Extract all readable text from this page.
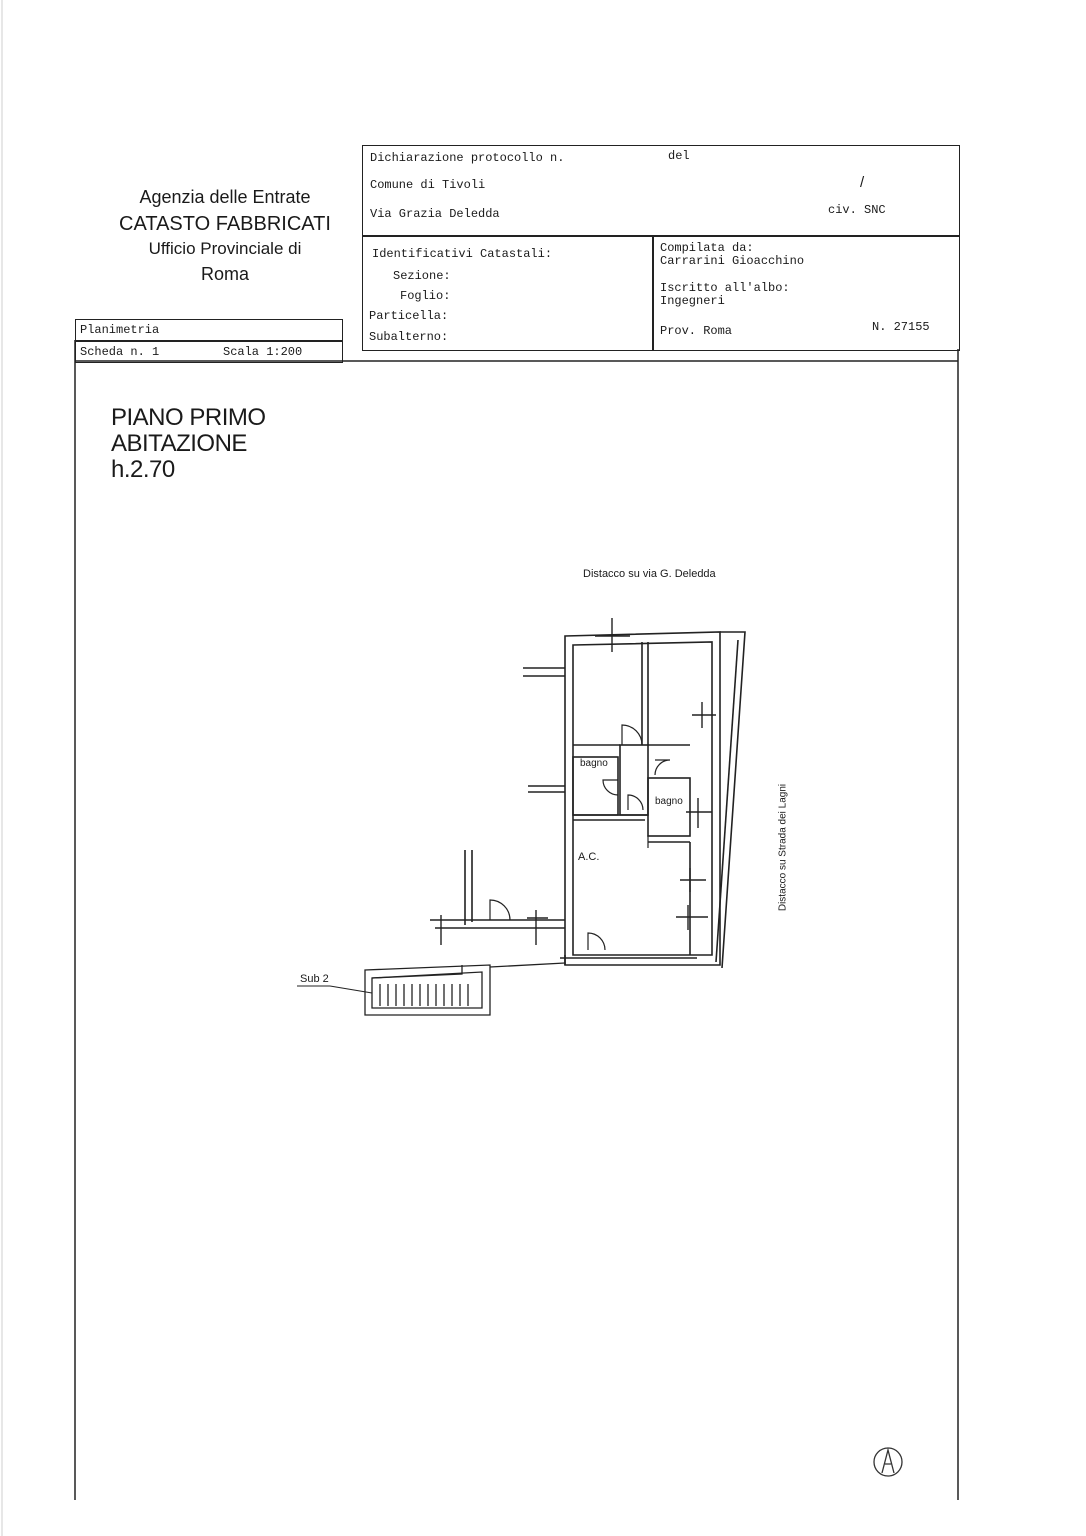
Agenzia delle Entrate
CATASTO FABBRICATI
Ufficio Provinciale di
Roma
Dichiarazione protocollo n.	del
Comune di Tivoli	/
Via Grazia Deledda	civ. SNC
Identificativi Catastali:
Sezione:
Foglio:
Particella:
Subalterno:
Compilata da:
Carrarini Gioacchino
Iscritto all'albo:
Ingegneri
Prov. Roma	N. 27155
Planimetria
Scheda n. 1	Scala 1:200
PIANO PRIMO
ABITAZIONE
h.2.70
Distacco su via G. Deledda
Distacco su Strada dei Lagni
bagno
bagno
A.C.
Sub 2
